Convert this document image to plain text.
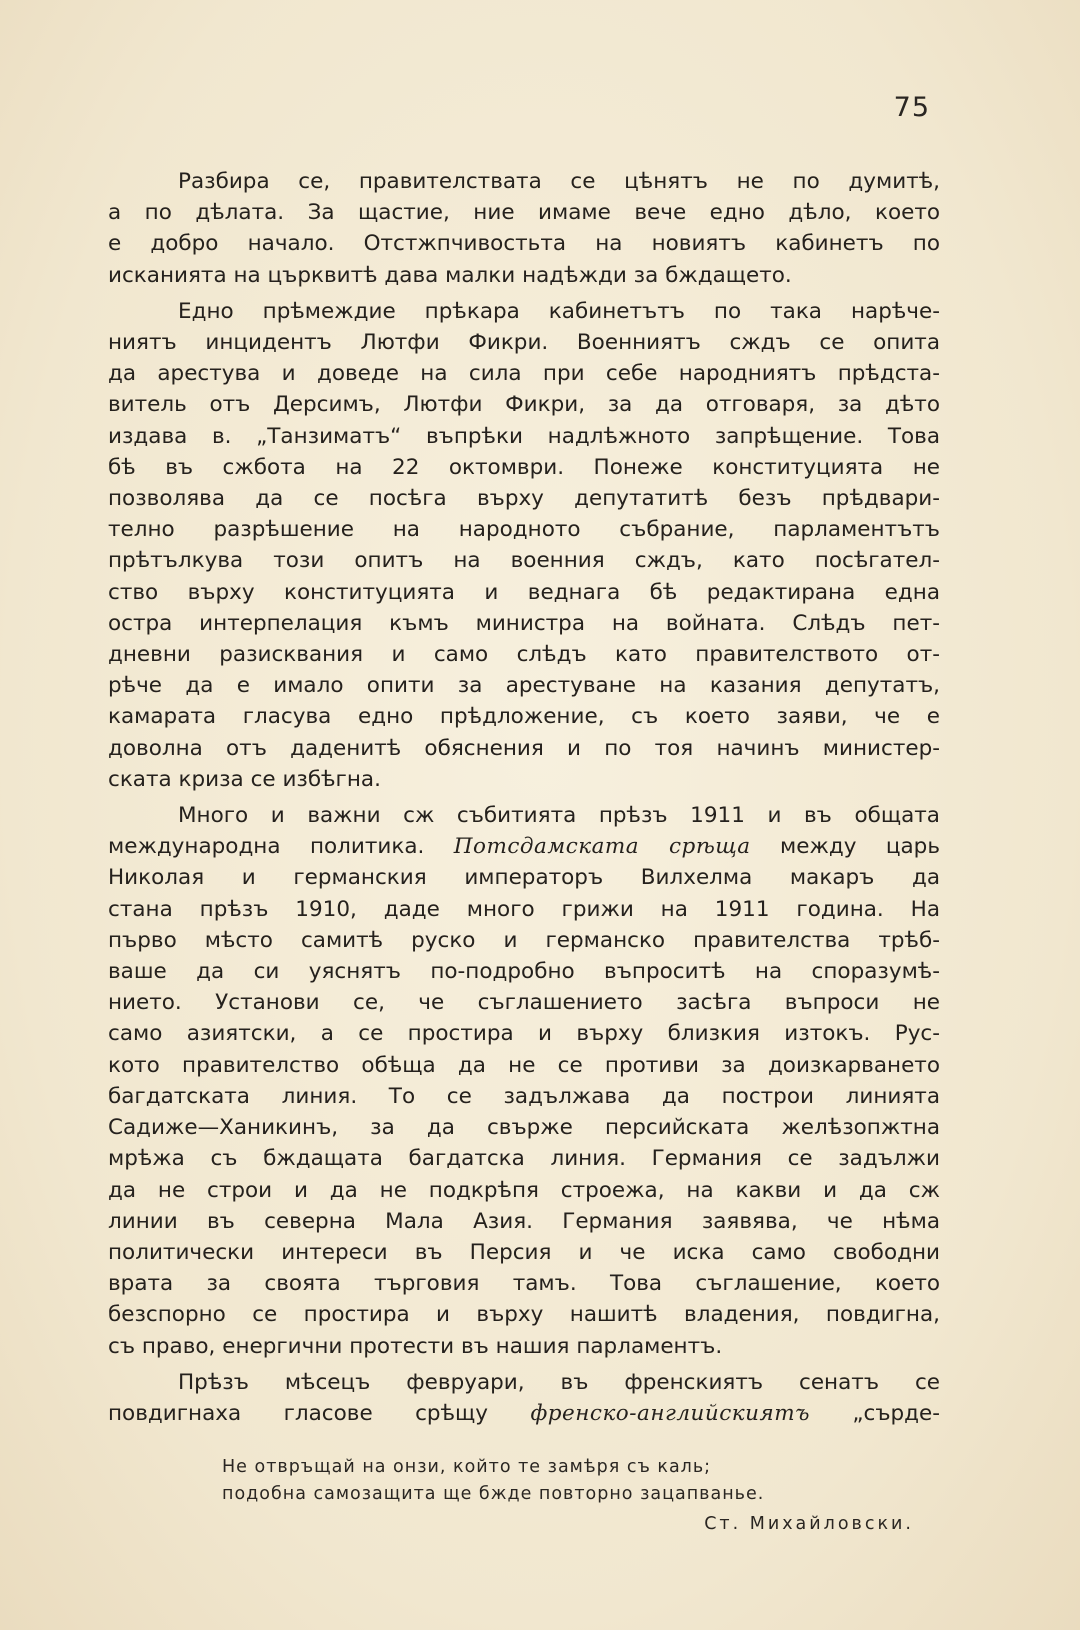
75

Разбира се, правителствата се цѣнятъ не по думитѣ,
а по дѣлата. За щастие, ние имаме вече едно дѣло, което
е добро начало. Отстжпчивостьта на новиятъ кабинетъ по
исканията на църквитѣ дава малки надѣжди за бждащето.

Едно прѣмеждие прѣкара кабинетътъ по така нарѣче-
ниятъ инцидентъ Лютфи Фикри. Военниятъ сждъ се опита
да арестува и доведе на сила при себе народниятъ прѣдста-
витель отъ Дерсимъ, Лютфи Фикри, за да отговаря, за дѣто
издава в. „Танзиматъ“ въпрѣки надлѣжното запрѣщение. Това
бѣ въ сжбота на 22 октомври. Понеже конституцията не
позволява да се посѣга върху депутатитѣ безъ прѣдвари-
телно разрѣшение на народното събрание, парламентътъ
прѣтълкува този опитъ на военния сждъ, като посѣгател-
ство върху конституцията и веднага бѣ редактирана една
остра интерпелация къмъ министра на войната. Слѣдъ пет-
дневни разисквания и само слѣдъ като правителството от-
рѣче да е имало опити за арестуване на казания депутатъ,
камарата гласува едно прѣдложение, съ което заяви, че е
доволна отъ даденитѣ обяснения и по тоя начинъ министер-
ската криза се избѣгна.

Много и важни сж събитията прѣзъ 1911 и въ общата
международна политика. Потсдамската срѣща между царь
Николая и германския императоръ Вилхелма макаръ да
стана прѣзъ 1910, даде много грижи на 1911 година. На
първо мѣсто самитѣ руско и германско правителства трѣб-
ваше да си уяснятъ по-подробно въпроситѣ на споразумѣ-
нието. Установи се, че съглашението засѣга въпроси не
само азиятски, а се простира и върху близкия изтокъ. Рус-
кото правителство обѣща да не се противи за доизкарването
багдатската линия. То се задължава да построи линията
Садиже—Ханикинъ, за да свърже персийската желѣзопжтна
мрѣжа съ бждащата багдатска линия. Германия се задължи
да не строи и да не подкрѣпя строежа, на какви и да сж
линии въ северна Мала Азия. Германия заявява, че нѣма
политически интереси въ Персия и че иска само свободни
врата за своята търговия тамъ. Това съглашение, което
безспорно се простира и върху нашитѣ владения, повдигна,
съ право, енергични протести въ нашия парламентъ.

Прѣзъ мѣсецъ февруари, въ френскиятъ сенатъ се
повдигнаха гласове срѣщу френско-английскиятъ „сърде-

Не отвръщай на онзи, който те замѣря съ каль;
подобна самозащита ще бжде повторно зацапванье.
Ст. Михайловски.
